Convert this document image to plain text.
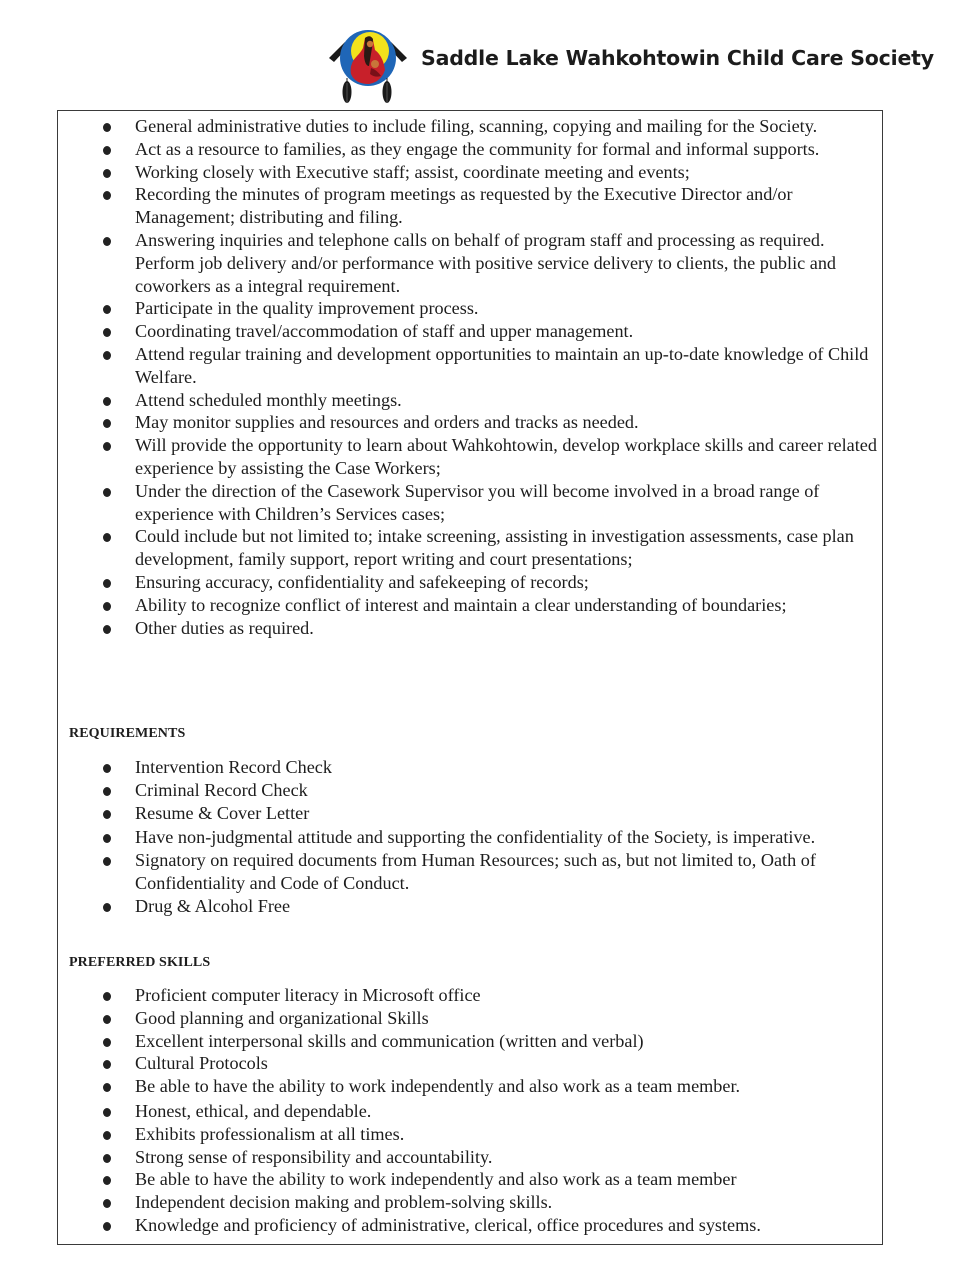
Saddle Lake Wahkohtowin Child Care Society
General administrative duties to include filing, scanning, copying and mailing for the Society.
Act as a resource to families, as they engage the community for formal and informal supports.
Working closely with Executive staff; assist, coordinate meeting and events;
Recording the minutes of program meetings as requested by the Executive Director and/or Management; distributing and filing.
Answering inquiries and telephone calls on behalf of program staff and processing as required. Perform job delivery and/or performance with positive service delivery to clients, the public and coworkers as a integral requirement.
Participate in the quality improvement process.
Coordinating travel/accommodation of staff and upper management.
Attend regular training and development opportunities to maintain an up-to-date knowledge of Child Welfare.
Attend scheduled monthly meetings.
May monitor supplies and resources and orders and tracks as needed.
Will provide the opportunity to learn about Wahkohtowin, develop workplace skills and career related experience by assisting the Case Workers;
Under the direction of the Casework Supervisor you will become involved in a broad range of experience with Children’s Services cases;
Could include but not limited to; intake screening, assisting in investigation assessments, case plan development, family support, report writing and court presentations;
Ensuring accuracy, confidentiality and safekeeping of records;
Ability to recognize conflict of interest and maintain a clear understanding of boundaries;
Other duties as required.
REQUIREMENTS
Intervention Record Check
Criminal Record Check
Resume & Cover Letter
Have non-judgmental attitude and supporting the confidentiality of the Society, is imperative.
Signatory on required documents from Human Resources; such as, but not limited to, Oath of Confidentiality and Code of Conduct.
Drug & Alcohol Free
PREFERRED SKILLS
Proficient computer literacy in Microsoft office
Good planning and organizational Skills
Excellent interpersonal skills and communication (written and verbal)
Cultural Protocols
Be able to have the ability to work independently and also work as a team member.
Honest, ethical, and dependable.
Exhibits professionalism at all times.
Strong sense of responsibility and accountability.
Be able to have the ability to work independently and also work as a team member
Independent decision making and problem-solving skills.
Knowledge and proficiency of administrative, clerical, office procedures and systems.
